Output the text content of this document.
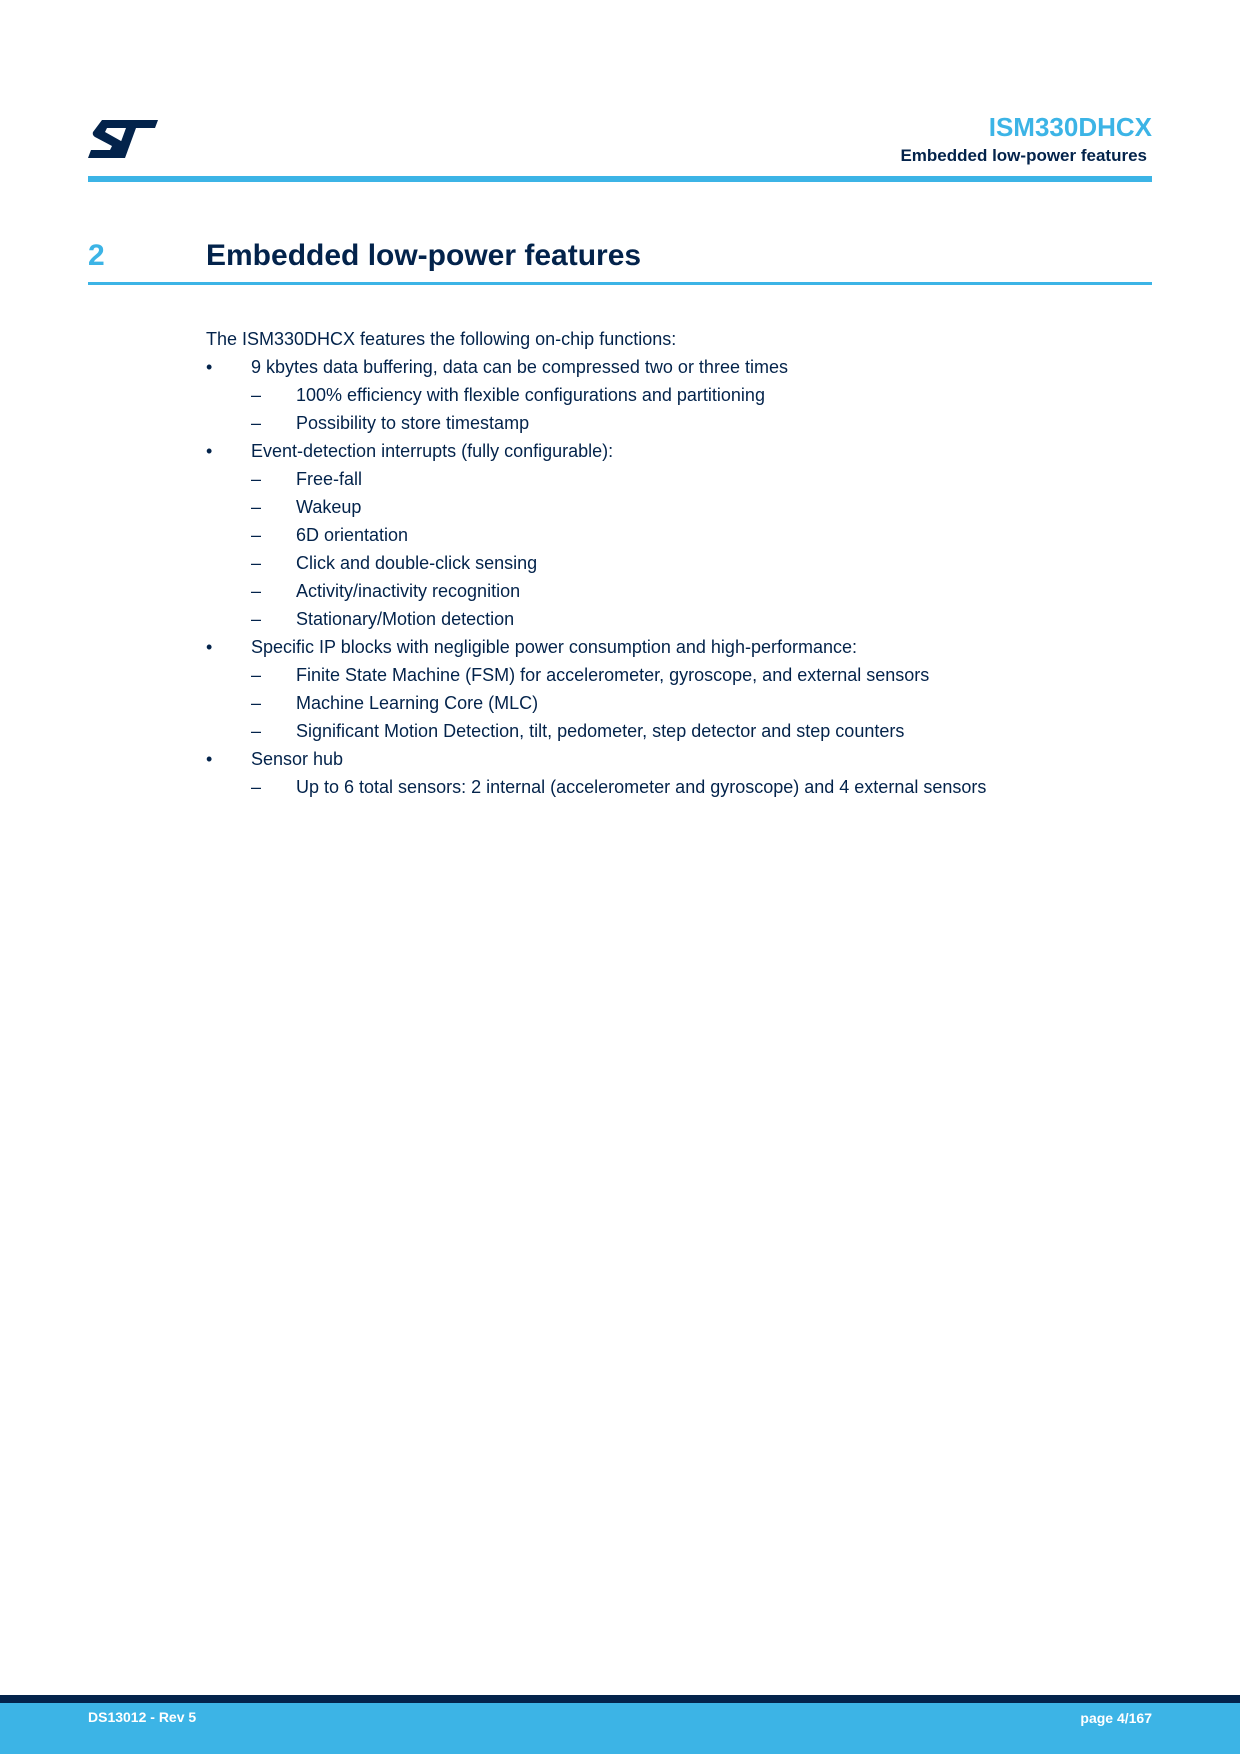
ISM330DHCX
Embedded low-power features
2	Embedded low-power features

The ISM330DHCX features the following on-chip functions:

• 9 kbytes data buffering, data can be compressed two or three times
– 100% efficiency with flexible configurations and partitioning
– Possibility to store timestamp
• Event-detection interrupts (fully configurable):
– Free-fall
– Wakeup
– 6D orientation
– Click and double-click sensing
– Activity/inactivity recognition
– Stationary/Motion detection
• Specific IP blocks with negligible power consumption and high-performance:
– Finite State Machine (FSM) for accelerometer, gyroscope, and external sensors
– Machine Learning Core (MLC)
– Significant Motion Detection, tilt, pedometer, step detector and step counters
• Sensor hub
– Up to 6 total sensors: 2 internal (accelerometer and gyroscope) and 4 external sensors
DS13012 - Rev 5	page 4/167
